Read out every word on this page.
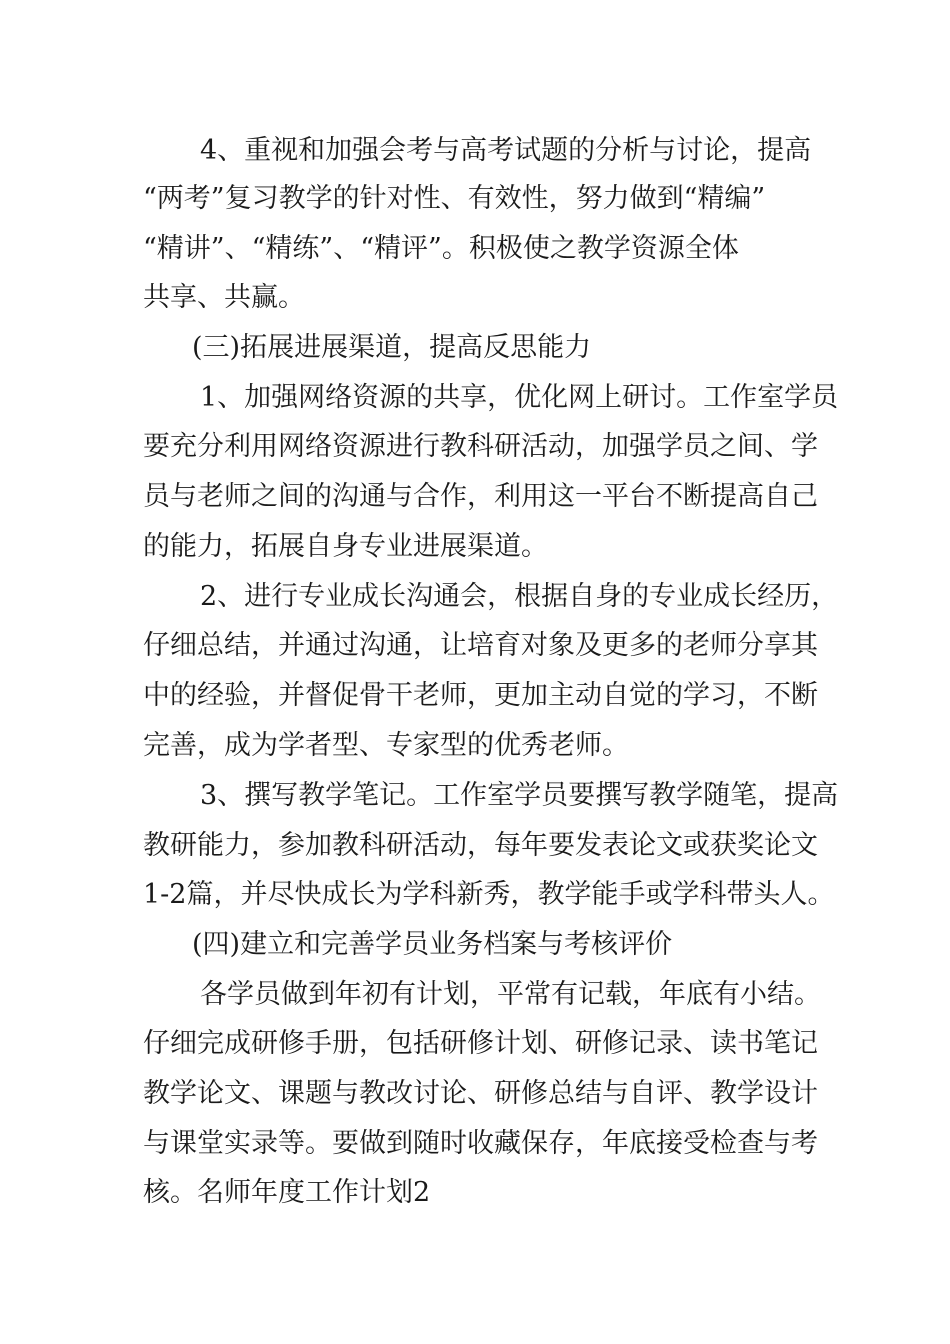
4、重视和加强会考与高考试题的分析与讨论，提高
“两考”复习教学的针对性、有效性，努力做到“精编”
“精讲”、“精练”、“精评”。积极使之教学资源全体
共享、共赢。
(三)拓展进展渠道，提高反思能力
1、加强网络资源的共享，优化网上研讨。工作室学员
要充分利用网络资源进行教科研活动，加强学员之间、学
员与老师之间的沟通与合作，利用这一平台不断提高自己
的能力，拓展自身专业进展渠道。
2、进行专业成长沟通会，根据自身的专业成长经历，
仔细总结，并通过沟通，让培育对象及更多的老师分享其
中的经验，并督促骨干老师，更加主动自觉的学习，不断
完善，成为学者型、专家型的优秀老师。
3、撰写教学笔记。工作室学员要撰写教学随笔，提高
教研能力，参加教科研活动，每年要发表论文或获奖论文
1-2篇，并尽快成长为学科新秀，教学能手或学科带头人。
(四)建立和完善学员业务档案与考核评价
各学员做到年初有计划，平常有记载，年底有小结。
仔细完成研修手册，包括研修计划、研修记录、读书笔记
教学论文、课题与教改讨论、研修总结与自评、教学设计
与课堂实录等。要做到随时收藏保存，年底接受检查与考
核。名师年度工作计划2
